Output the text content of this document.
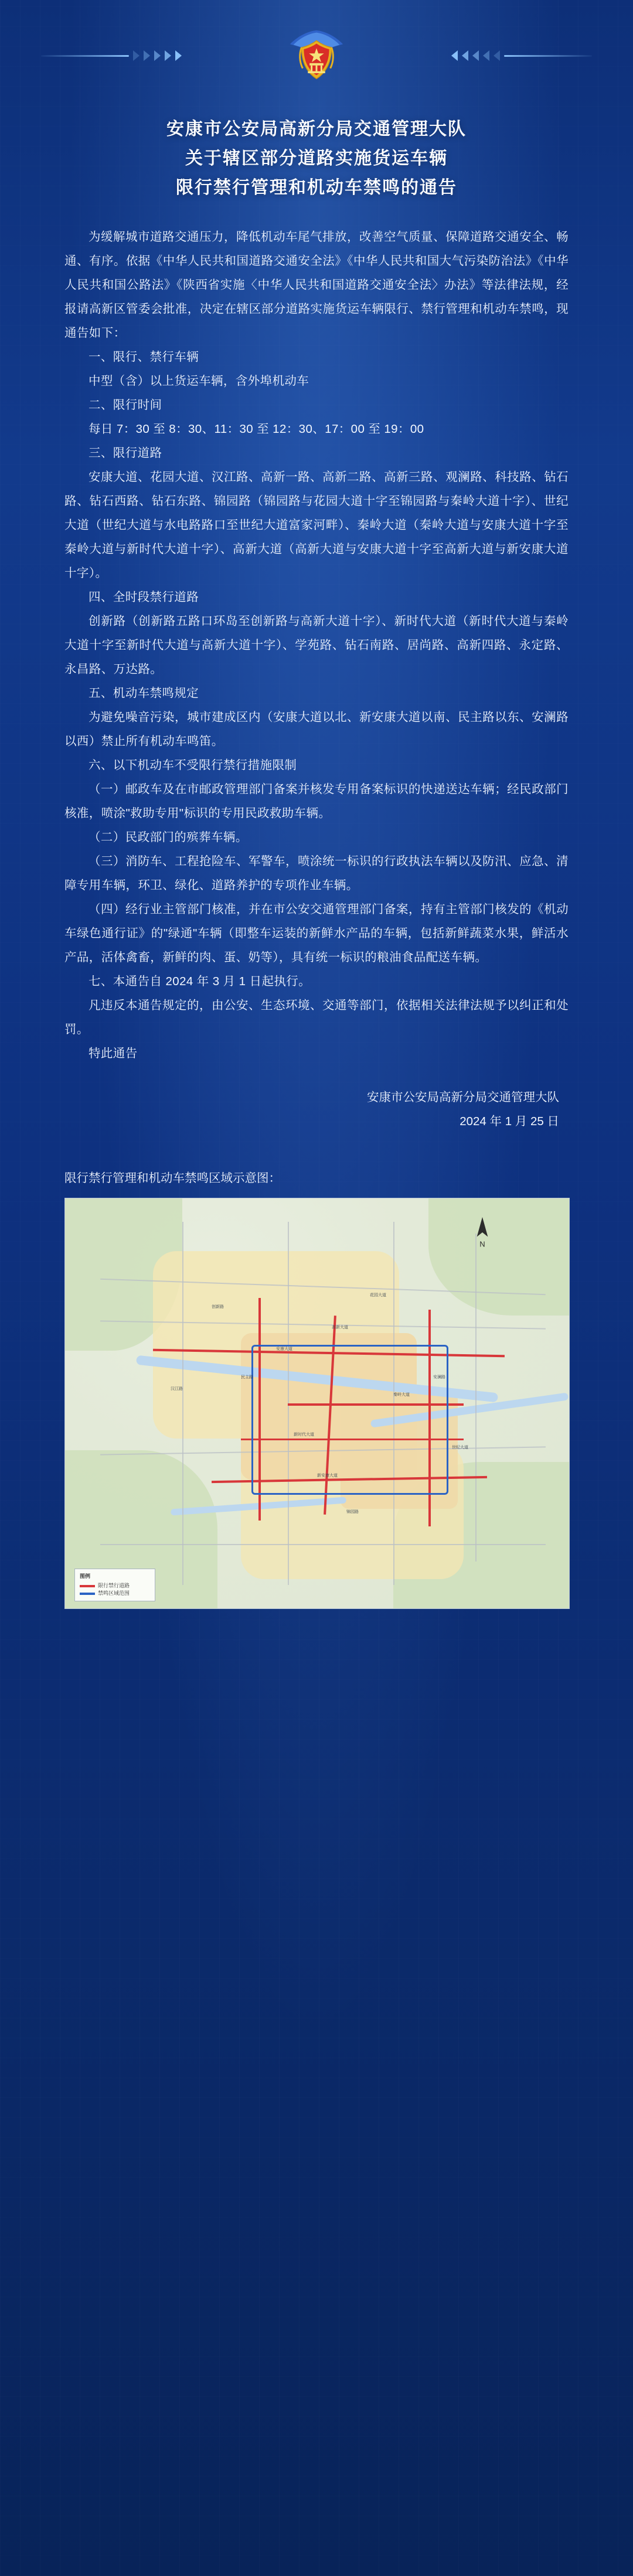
安康市公安局高新分局交通管理大队
关于辖区部分道路实施货运车辆
限行禁行管理和机动车禁鸣的通告

为缓解城市道路交通压力，降低机动车尾气排放，改善空气质量、保障道路交通安全、畅通、有序。依据《中华人民共和国道路交通安全法》《中华人民共和国大气污染防治法》《中华人民共和国公路法》《陕西省实施〈中华人民共和国道路交通安全法〉办法》等法律法规，经报请高新区管委会批准，决定在辖区部分道路实施货运车辆限行、禁行管理和机动车禁鸣，现通告如下：

一、限行、禁行车辆

中型（含）以上货运车辆，含外埠机动车

二、限行时间

每日 7：30 至 8：30、11：30 至 12：30、17：00 至 19：00

三、限行道路

安康大道、花园大道、汉江路、高新一路、高新二路、高新三路、观澜路、科技路、钻石路、钻石西路、钻石东路、锦园路（锦园路与花园大道十字至锦园路与秦岭大道十字）、世纪大道（世纪大道与水电路路口至世纪大道富家河畔）、秦岭大道（秦岭大道与安康大道十字至秦岭大道与新时代大道十字）、高新大道（高新大道与安康大道十字至高新大道与新安康大道十字）。

四、全时段禁行道路

创新路（创新路五路口环岛至创新路与高新大道十字）、新时代大道（新时代大道与秦岭大道十字至新时代大道与高新大道十字）、学苑路、钻石南路、居尚路、高新四路、永定路、永昌路、万达路。

五、机动车禁鸣规定

为避免噪音污染，城市建成区内（安康大道以北、新安康大道以南、民主路以东、安澜路以西）禁止所有机动车鸣笛。

六、以下机动车不受限行禁行措施限制

（一）邮政车及在市邮政管理部门备案并核发专用备案标识的快递送达车辆；经民政部门核准，喷涂"救助专用"标识的专用民政救助车辆。

（二）民政部门的殡葬车辆。

（三）消防车、工程抢险车、军警车，喷涂统一标识的行政执法车辆以及防汛、应急、清障专用车辆，环卫、绿化、道路养护的专项作业车辆。

（四）经行业主管部门核准，并在市公安交通管理部门备案，持有主管部门核发的《机动车绿色通行证》的"绿通"车辆（即整车运装的新鲜水产品的车辆，包括新鲜蔬菜水果，鲜活水产品，活体禽畜，新鲜的肉、蛋、奶等），具有统一标识的粮油食品配送车辆。

七、本通告自 2024 年 3 月 1 日起执行。

凡违反本通告规定的，由公安、生态环境、交通等部门，依据相关法律法规予以纠正和处罚。

特此通告

安康市公安局高新分局交通管理大队
2024 年 1 月 25 日
限行禁行管理和机动车禁鸣区域示意图：
N
安康大道
新安康大道
民主路	安澜路
高新大道
秦岭大道
新时代大道
创新路
花园大道
汉江路
世纪大道
锦园路
图例
限行禁行道路
禁鸣区域范围
